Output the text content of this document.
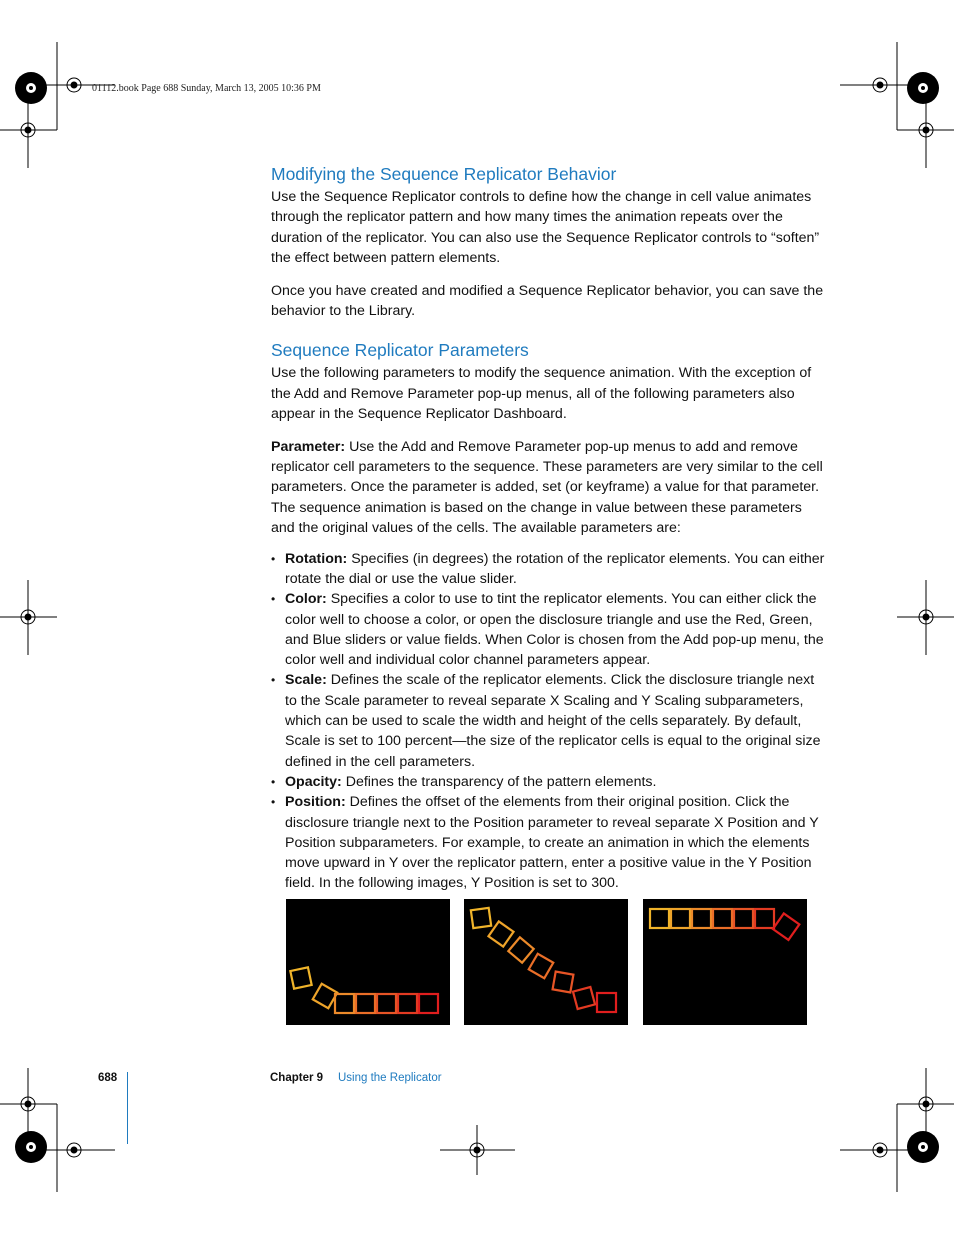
01112.book Page 688 Sunday, March 13, 2005 10:36 PM
Modifying the Sequence Replicator Behavior

Use the Sequence Replicator controls to define how the change in cell value animates through the replicator pattern and how many times the animation repeats over the duration of the replicator. You can also use the Sequence Replicator controls to “soften” the effect between pattern elements.

Once you have created and modified a Sequence Replicator behavior, you can save the behavior to the Library.

Sequence Replicator Parameters

Use the following parameters to modify the sequence animation. With the exception of the Add and Remove Parameter pop-up menus, all of the following parameters also appear in the Sequence Replicator Dashboard.

Parameter: Use the Add and Remove Parameter pop-up menus to add and remove replicator cell parameters to the sequence. These parameters are very similar to the cell parameters. Once the parameter is added, set (or keyframe) a value for that parameter. The sequence animation is based on the change in value between these parameters and the original values of the cells. The available parameters are:

• Rotation: Specifies (in degrees) the rotation of the replicator elements. You can either rotate the dial or use the value slider.
• Color: Specifies a color to use to tint the replicator elements. You can either click the color well to choose a color, or open the disclosure triangle and use the Red, Green, and Blue sliders or value fields. When Color is chosen from the Add pop-up menu, the color well and individual color channel parameters appear.
• Scale: Defines the scale of the replicator elements. Click the disclosure triangle next to the Scale parameter to reveal separate X Scaling and Y Scaling subparameters, which can be used to scale the width and height of the cells separately. By default, Scale is set to 100 percent—the size of the replicator cells is equal to the original size defined in the cell parameters.
• Opacity: Defines the transparency of the pattern elements.
• Position: Defines the offset of the elements from their original position. Click the disclosure triangle next to the Position parameter to reveal separate X Position and Y Position subparameters. For example, to create an animation in which the elements move upward in Y over the replicator pattern, enter a positive value in the Y Position field. In the following images, Y Position is set to 300.
688	Chapter 9 Using the Replicator
